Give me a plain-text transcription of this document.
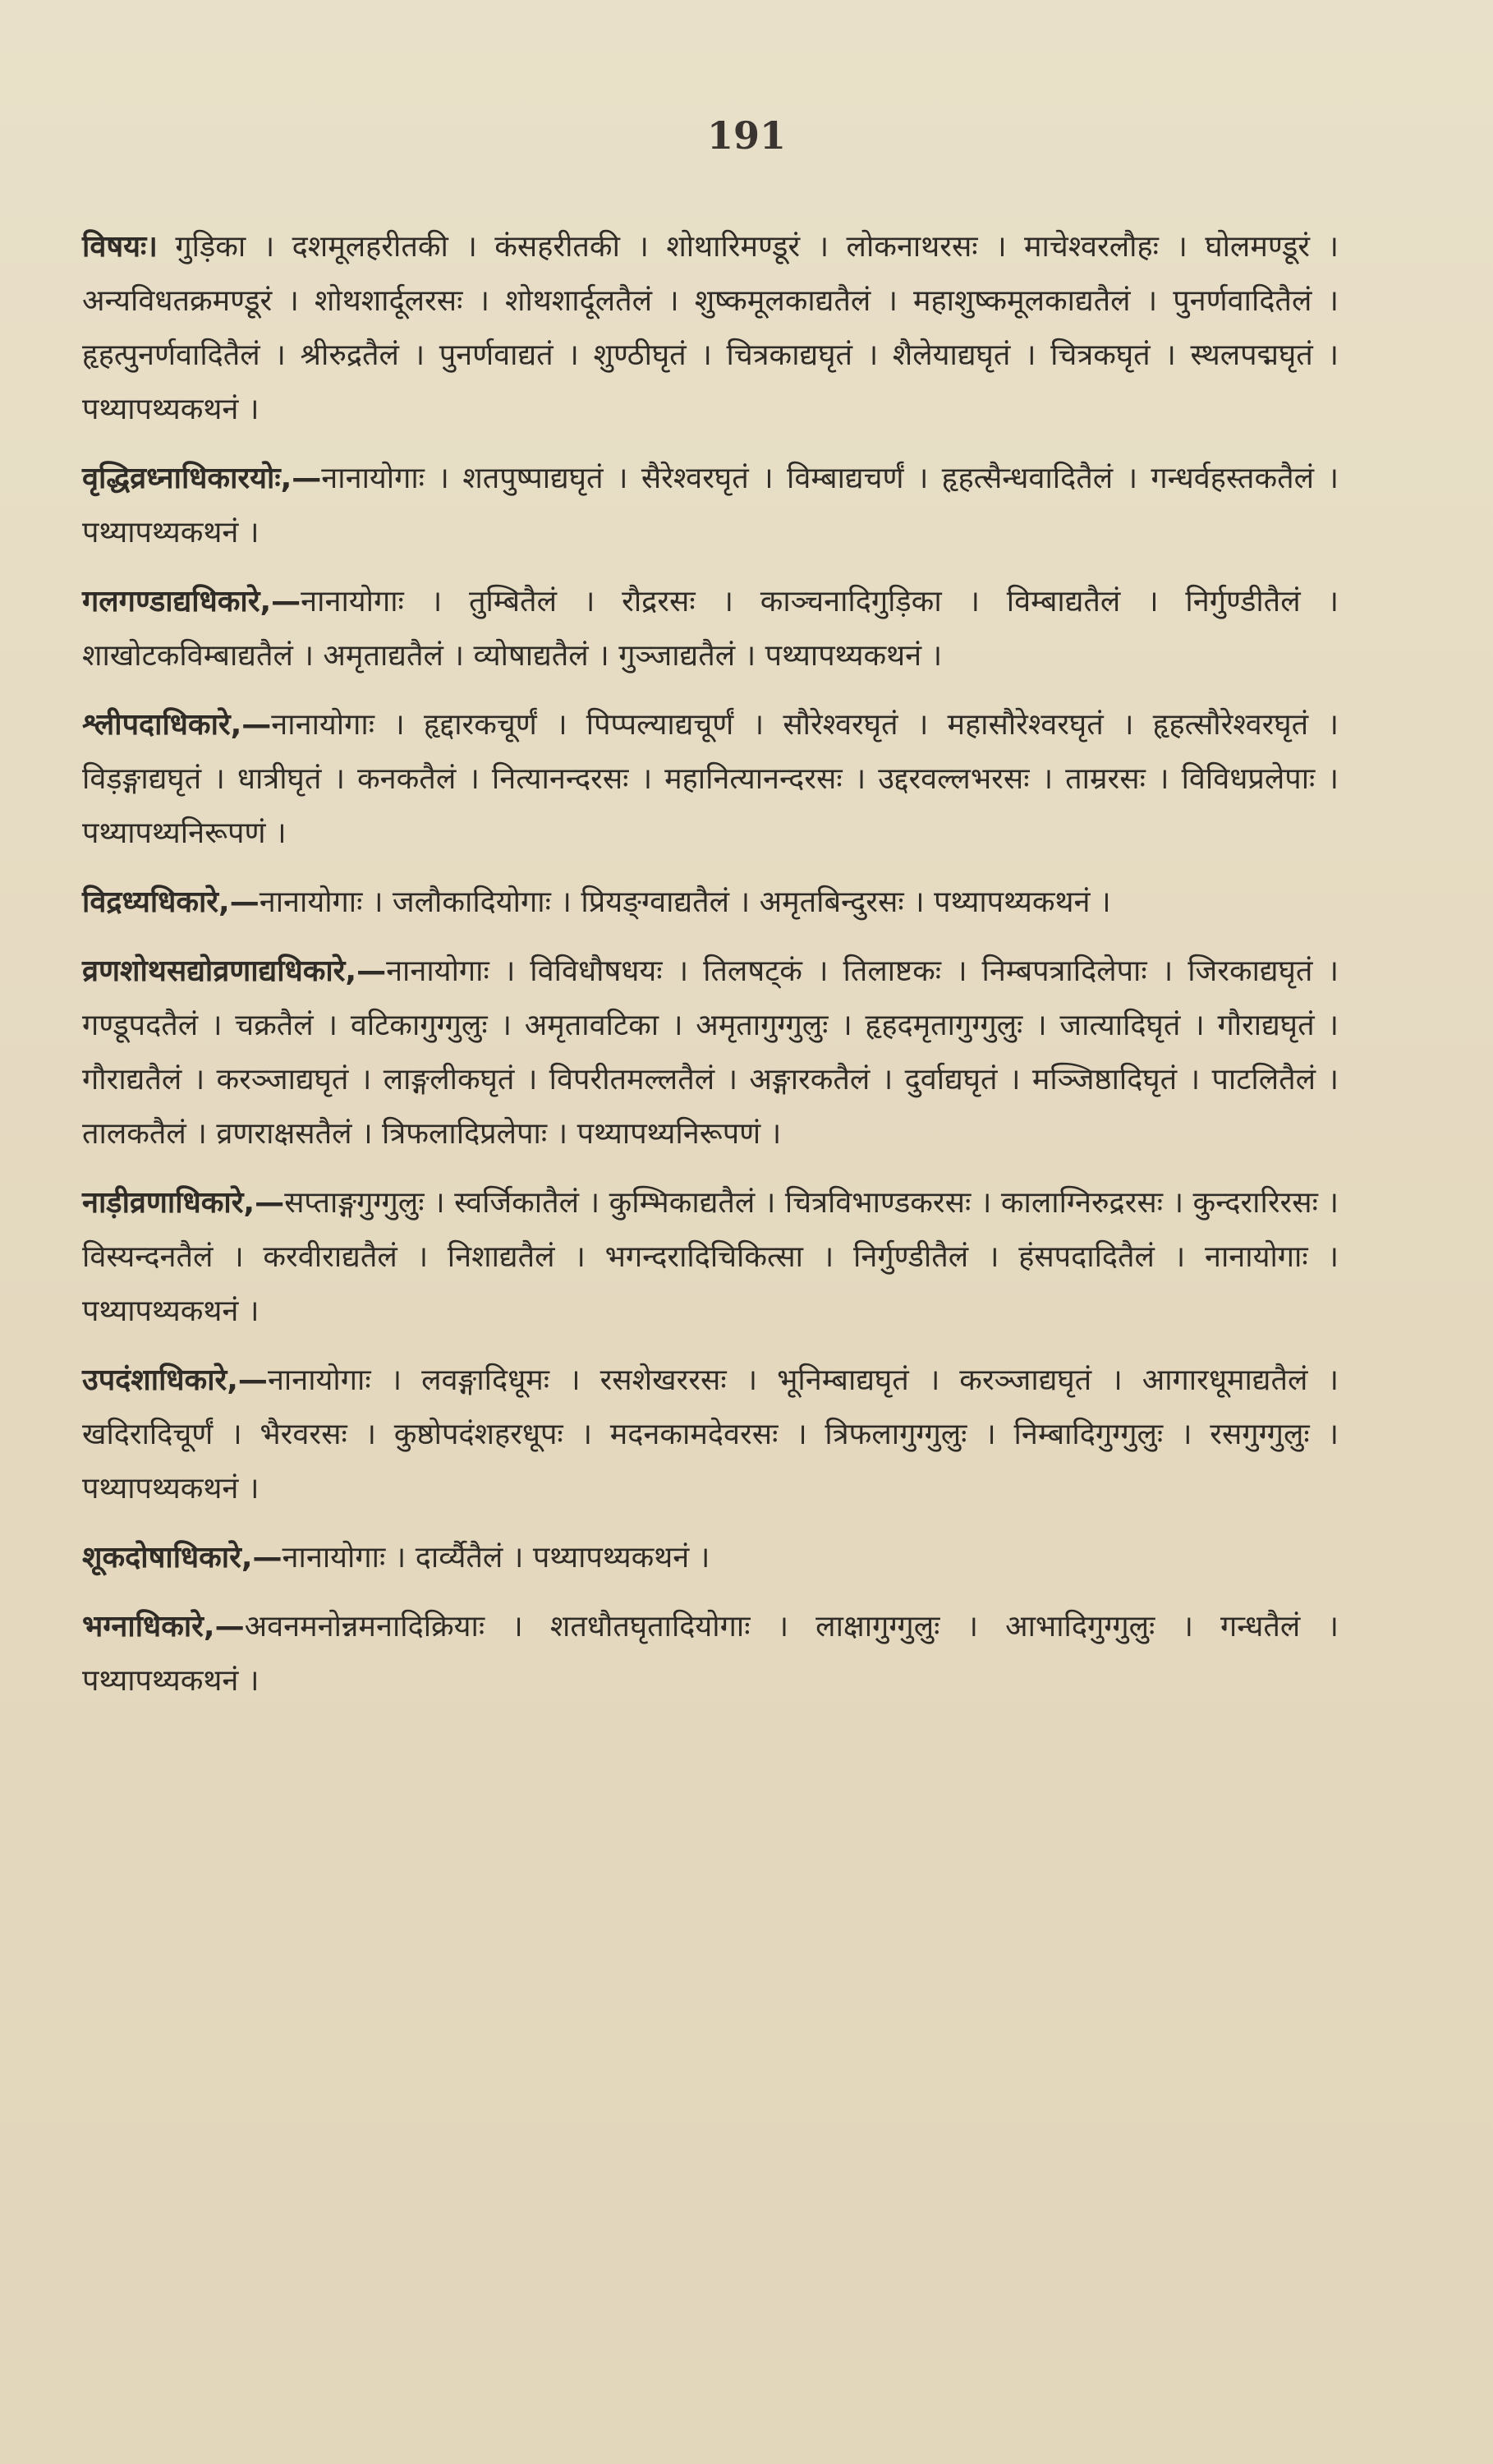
191

विषयः। गुड़िका । दशमूलहरीतकी । कंसहरीतकी । शोथारिमण्डूरं । लोकनाथरसः । माचेश्वरलौहः । घोलमण्डूरं । अन्यविधतक्रमण्डूरं । शोथशार्दूलरसः । शोथशार्दूलतैलं । शुष्कमूलकाद्यतैलं । महाशुष्कमूलकाद्यतैलं । पुनर्णवादितैलं । हृहत्पुनर्णवादितैलं । श्रीरुद्रतैलं । पुनर्णवाद्यतं । शुण्ठीघृतं । चित्रकाद्यघृतं । शैलेयाद्यघृतं । चित्रकघृतं । स्थलपद्मघृतं । पथ्यापथ्यकथनं ।

वृद्धिव्रध्नाधिकारयोः,—नानायोगाः । शतपुष्पाद्यघृतं । सैरेश्वरघृतं । विम्बाद्यचर्णं । हृहत्सैन्धवादितैलं । गन्धर्वहस्तकतैलं । पथ्यापथ्यकथनं ।

गलगण्डाद्यधिकारे,—नानायोगाः । तुम्बितैलं । रौद्ररसः । काञ्चनादिगुड़िका । विम्बाद्यतैलं । निर्गुण्डीतैलं । शाखोटकविम्बाद्यतैलं । अमृताद्यतैलं । व्योषाद्यतैलं । गुञ्जाद्यतैलं । पथ्यापथ्यकथनं ।

श्लीपदाधिकारे,—नानायोगाः । हृद्दारकचूर्णं । पिप्पल्याद्यचूर्णं । सौरेश्वरघृतं । महासौरेश्वरघृतं । हृहत्सौरेश्वरघृतं । विड़ङ्गाद्यघृतं । धात्रीघृतं । कनकतैलं । नित्यानन्दरसः । महानित्यानन्दरसः । उद्दरवल्लभरसः । ताम्ररसः । विविधप्रलेपाः । पथ्यापथ्यनिरूपणं ।

विद्रध्यधिकारे,—नानायोगाः । जलौकादियोगाः । प्रियङ्ग्वाद्यतैलं । अमृतबिन्दुरसः । पथ्यापथ्यकथनं ।

व्रणशोथसद्योव्रणाद्यधिकारे,—नानायोगाः । विविधौषधयः । तिलषट्कं । तिलाष्टकः । निम्बपत्रादिलेपाः । जिरकाद्यघृतं । गण्डूपदतैलं । चक्रतैलं । वटिकागुग्गुलुः । अमृतावटिका । अमृतागुग्गुलुः । हृहदमृतागुग्गुलुः । जात्यादिघृतं । गौराद्यघृतं । गौराद्यतैलं । करञ्जाद्यघृतं । लाङ्गलीकघृतं । विपरीतमल्लतैलं । अङ्गारकतैलं । दुर्वाद्यघृतं । मञ्जिष्ठादिघृतं । पाटलितैलं । तालकतैलं । व्रणराक्षसतैलं । त्रिफलादिप्रलेपाः । पथ्यापथ्यनिरूपणं ।

नाड़ीव्रणाधिकारे,—सप्ताङ्गगुग्गुलुः । स्वर्जिकातैलं । कुम्भिकाद्यतैलं । चित्रविभाण्डकरसः । कालाग्निरुद्ररसः । कुन्दरारिरसः । विस्यन्दनतैलं । करवीराद्यतैलं । निशाद्यतैलं । भगन्दरादिचिकित्सा । निर्गुण्डीतैलं । हंसपदादितैलं । नानायोगाः । पथ्यापथ्यकथनं ।

उपदंशाधिकारे,—नानायोगाः । लवङ्गादिधूमः । रसशेखररसः । भूनिम्बाद्यघृतं । करञ्जाद्यघृतं । आगारधूमाद्यतैलं । खदिरादिचूर्णं । भैरवरसः । कुष्ठोपदंशहरधूपः । मदनकामदेवरसः । त्रिफलागुग्गुलुः । निम्बादिगुग्गुलुः । रसगुग्गुलुः । पथ्यापथ्यकथनं ।

शूकदोषाधिकारे,—नानायोगाः । दार्व्यैतैलं । पथ्यापथ्यकथनं ।

भग्नाधिकारे,—अवनमनोन्नमनादिक्रियाः । शतधौतघृतादियोगाः । लाक्षागुग्गुलुः । आभादिगुग्गुलुः । गन्धतैलं । पथ्यापथ्यकथनं ।
